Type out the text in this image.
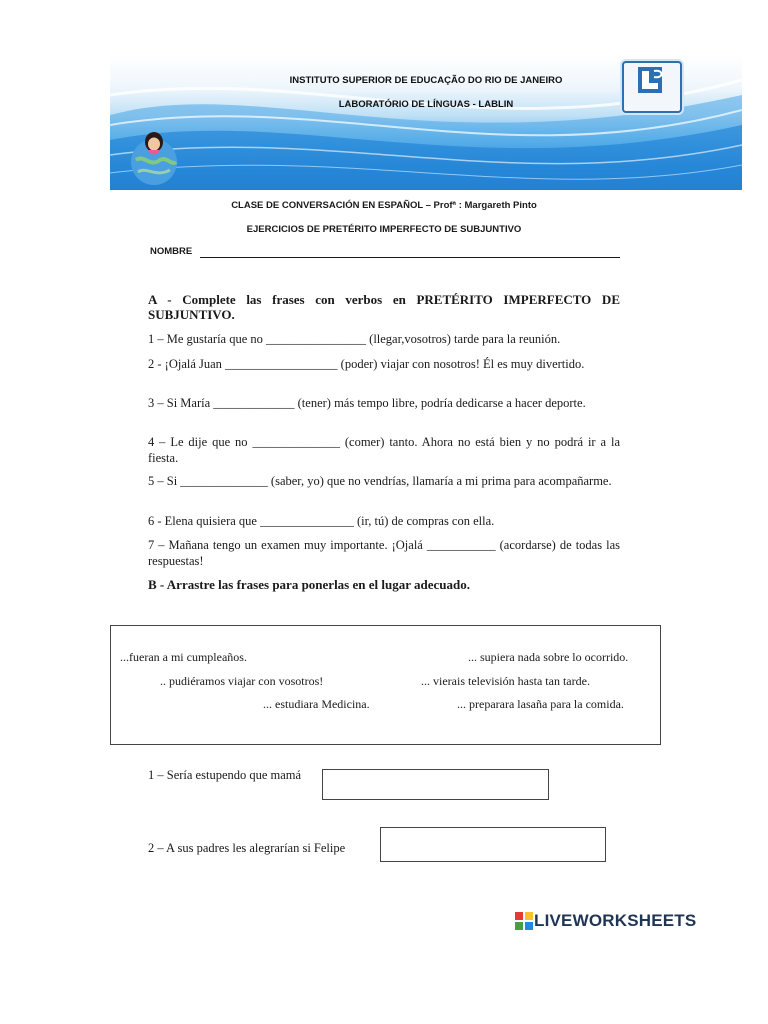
INSTITUTO SUPERIOR DE EDUCAÇÃO DO RIO DE JANEIRO
LABORATÓRIO DE LÍNGUAS - LABLIN
CLASE DE CONVERSACIÓN EN ESPAÑOL – Profª : Margareth Pinto
EJERCICIOS DE PRETÉRITO IMPERFECTO DE SUBJUNTIVO
NOMBRE
A - Complete las frases con verbos en PRETÉRITO IMPERFECTO DE SUBJUNTIVO.
1 – Me gustaría que no ________________ (llegar,vosotros) tarde para la reunión.
2 - ¡Ojalá Juan __________________ (poder) viajar con nosotros! Él es muy divertido.
3 – Si María _____________ (tener) más tempo libre, podría dedicarse a hacer deporte.
4 – Le dije que no ______________ (comer) tanto. Ahora no está bien y no podrá ir a la fiesta.
5 – Si ______________ (saber, yo) que no vendrías, llamaría a mi prima para acompañarme.
6 - Elena quisiera que _______________ (ir, tú) de compras con ella.
7 – Mañana tengo un examen muy importante. ¡Ojalá ___________ (acordarse) de todas las respuestas!
B - Arrastre las frases para ponerlas en el lugar adecuado.
...fueran a mi cumpleaños.	... supiera nada sobre lo ocorrido.
.. pudiéramos viajar con vosotros!	... vierais televisión hasta tan tarde.
... estudiara Medicina.	... preparara lasaña para la comida.
1 – Sería estupendo que mamá
2 – A sus padres les alegrarían si Felipe
LIVEWORKSHEETS
